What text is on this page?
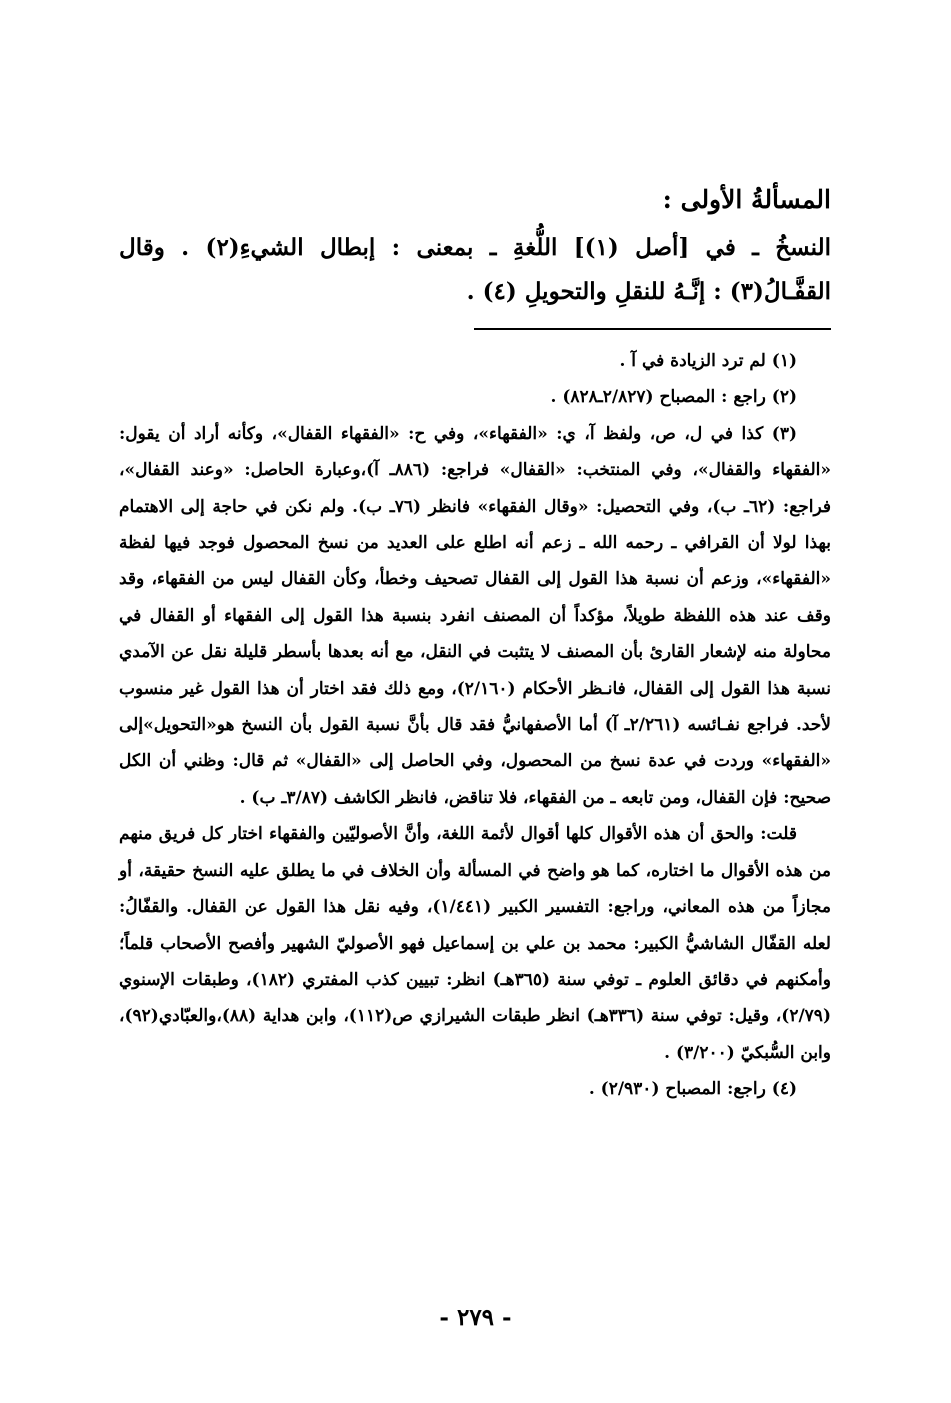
المسألةُ الأولى :

النسخُ ـ في [أصل (١)] اللُّغةِ ـ بمعنى : إبطال الشيءِ(٢) . وقال القفَّـالُ(٣) : إنَّـهُ للنقلِ والتحويلِ (٤) .

(١) لم ترد الزيادة في آ .

(٢) راجع : المصباح (٢/٨٢٧ـ٨٢٨) .

(٣) كذا في ل، ص، ولفظ آ، ي: «الفقهاء»، وفي ح: «الفقهاء القفال»، وكأنه أراد أن يقول: «الفقهاء والقفال»، وفي المنتخب: «القفال» فراجع: (٨٨٦ـ آ)،وعبارة الحاصل: «وعند القفال»، فراجع: (٦٢ـ ب)، وفي التحصيل: «وقال الفقهاء» فانظر (٧٦ـ ب). ولم نكن في حاجة إلى الاهتمام بهذا لولا أن القرافي ـ رحمه الله ـ زعم أنه اطلع على العديد من نسخ المحصول فوجد فيها لفظة «الفقهاء»، وزعم أن نسبة هذا القول إلى القفال تصحيف وخطأ، وكأن القفال ليس من الفقهاء، وقد وقف عند هذه اللفظة طويلاً، مؤكداً أن المصنف انفرد بنسبة هذا القول إلى الفقهاء أو القفال في محاولة منه لإشعار القارئ بأن المصنف لا يتثبت في النقل، مع أنه بعدها بأسطر قليلة نقل عن الآمدي نسبة هذا القول إلى القفال، فانـظر الأحكام (٢/١٦٠)، ومع ذلك فقد اختار أن هذا القول غير منسوب لأحد. فراجع نفـائسه (٢/٢٦١ـ آ) أما الأصفهانيُّ فقد قال بأنَّ نسبة القول بأن النسخ هو«التحويل»إلى «الفقهاء» وردت في عدة نسخ من المحصول، وفي الحاصل إلى «القفال» ثم قال: وظني أن الكل صحيح: فإن القفال، ومن تابعه ـ من الفقهاء، فلا تناقض، فانظر الكاشف (٣/٨٧ـ ب) .

قلت: والحق أن هذه الأقوال كلها أقوال لأئمة اللغة، وأنَّ الأصوليّين والفقهاء اختار كل فريق منهم من هذه الأقوال ما اختاره، كما هو واضح في المسألة وأن الخلاف في ما يطلق عليه النسخ حقيقة، أو مجازاً من هذه المعاني، وراجع: التفسير الكبير (١/٤٤١)، وفيه نقل هذا القول عن القفال. والقفّالُ: لعله القفّال الشاشيُّ الكبير: محمد بن علي بن إسماعيل فهو الأصوليّ الشهير وأفصح الأصحاب قلماً؛ وأمكنهم في دقائق العلوم ـ توفي سنة (٣٦٥هـ) انظر: تبيين كذب المفتري (١٨٢)، وطبقات الإسنوي (٢/٧٩)، وقيل: توفي سنة (٣٣٦هـ) انظر طبقات الشيرازي ص(١١٢)، وابن هداية (٨٨)،والعبّادي(٩٢)، وابن السُّبكيّ (٣/٢٠٠) .

(٤) راجع: المصباح (٢/٩٣٠) .

- ٢٧٩ -
